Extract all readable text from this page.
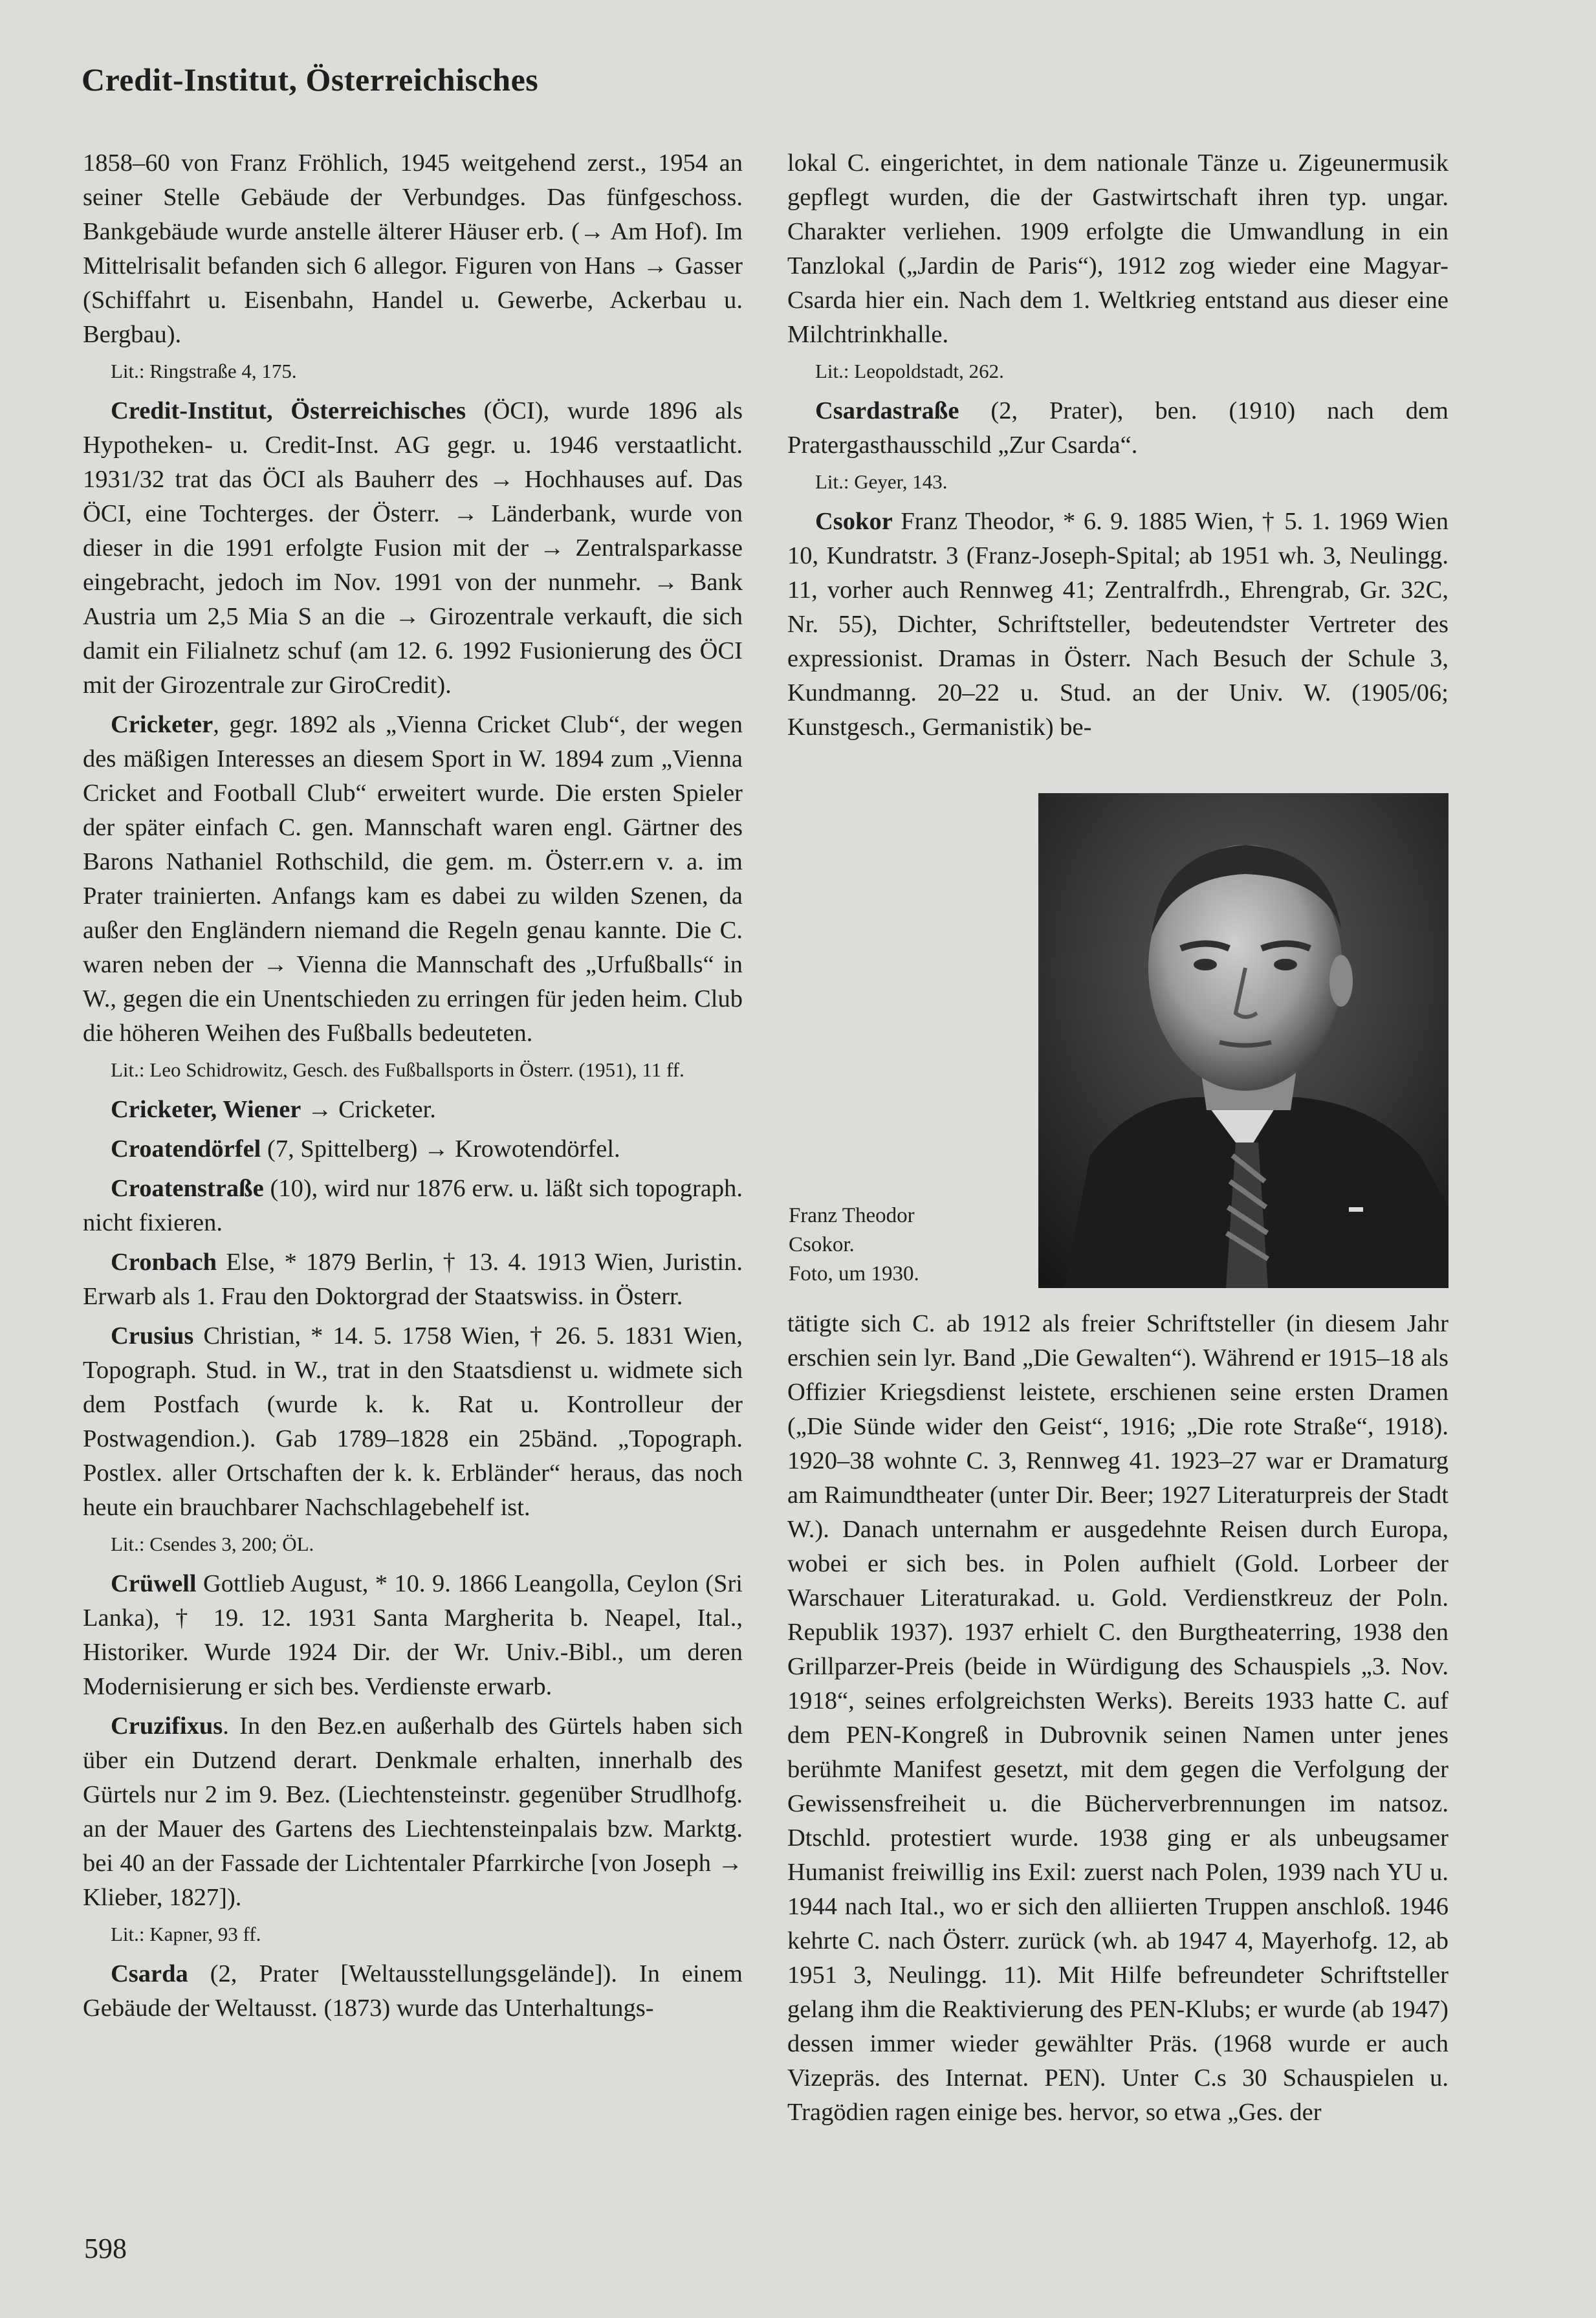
Credit-Institut, Österreichisches

1858–60 von Franz Fröhlich, 1945 weitgehend zerst., 1954 an seiner Stelle Gebäude der Verbundges. Das fünfgeschoss. Bankgebäude wurde anstelle älterer Häuser erb. (→ Am Hof). Im Mittelrisalit befanden sich 6 allegor. Figuren von Hans → Gasser (Schiffahrt u. Eisenbahn, Handel u. Gewerbe, Ackerbau u. Bergbau).

Lit.: Ringstraße 4, 175.

Credit-Institut, Österreichisches (ÖCI), wurde 1896 als Hypotheken- u. Credit-Inst. AG gegr. u. 1946 verstaatlicht. 1931/32 trat das ÖCI als Bauherr des → Hochhauses auf. Das ÖCI, eine Tochterges. der Österr. → Länderbank, wurde von dieser in die 1991 erfolgte Fusion mit der → Zentralsparkasse eingebracht, jedoch im Nov. 1991 von der nunmehr. → Bank Austria um 2,5 Mia S an die → Girozentrale verkauft, die sich damit ein Filialnetz schuf (am 12. 6. 1992 Fusionierung des ÖCI mit der Girozentrale zur GiroCredit).

Cricketer, gegr. 1892 als „Vienna Cricket Club“, der wegen des mäßigen Interesses an diesem Sport in W. 1894 zum „Vienna Cricket and Football Club“ erweitert wurde. Die ersten Spieler der später einfach C. gen. Mannschaft waren engl. Gärtner des Barons Nathaniel Rothschild, die gem. m. Österr.ern v. a. im Prater trainierten. Anfangs kam es dabei zu wilden Szenen, da außer den Engländern niemand die Regeln genau kannte. Die C. waren neben der → Vienna die Mannschaft des „Urfußballs“ in W., gegen die ein Unentschieden zu erringen für jeden heim. Club die höheren Weihen des Fußballs bedeuteten.

Lit.: Leo Schidrowitz, Gesch. des Fußballsports in Österr. (1951), 11 ff.

Cricketer, Wiener → Cricketer.

Croatendörfel (7, Spittelberg) → Krowotendörfel.

Croatenstraße (10), wird nur 1876 erw. u. läßt sich topograph. nicht fixieren.

Cronbach Else, * 1879 Berlin, † 13. 4. 1913 Wien, Juristin. Erwarb als 1. Frau den Doktorgrad der Staatswiss. in Österr.

Crusius Christian, * 14. 5. 1758 Wien, † 26. 5. 1831 Wien, Topograph. Stud. in W., trat in den Staatsdienst u. widmete sich dem Postfach (wurde k. k. Rat u. Kontrolleur der Postwagendion.). Gab 1789–1828 ein 25bänd. „Topograph. Postlex. aller Ortschaften der k. k. Erbländer“ heraus, das noch heute ein brauchbarer Nachschlagebehelf ist.

Lit.: Csendes 3, 200; ÖL.

Crüwell Gottlieb August, * 10. 9. 1866 Leangolla, Ceylon (Sri Lanka), † 19. 12. 1931 Santa Margherita b. Neapel, Ital., Historiker. Wurde 1924 Dir. der Wr. Univ.-Bibl., um deren Modernisierung er sich bes. Verdienste erwarb.

Cruzifixus. In den Bez.en außerhalb des Gürtels haben sich über ein Dutzend derart. Denkmale erhalten, innerhalb des Gürtels nur 2 im 9. Bez. (Liechtensteinstr. gegenüber Strudlhofg. an der Mauer des Gartens des Liechtensteinpalais bzw. Marktg. bei 40 an der Fassade der Lichtentaler Pfarrkirche [von Joseph → Klieber, 1827]).

Lit.: Kapner, 93 ff.

Csarda (2, Prater [Weltausstellungsgelände]). In einem Gebäude der Weltausst. (1873) wurde das Unterhaltungs-

lokal C. eingerichtet, in dem nationale Tänze u. Zigeunermusik gepflegt wurden, die der Gastwirtschaft ihren typ. ungar. Charakter verliehen. 1909 erfolgte die Umwandlung in ein Tanzlokal („Jardin de Paris“), 1912 zog wieder eine Magyar-Csarda hier ein. Nach dem 1. Weltkrieg entstand aus dieser eine Milchtrinkhalle.

Lit.: Leopoldstadt, 262.

Csardastraße (2, Prater), ben. (1910) nach dem Pratergasthausschild „Zur Csarda“.

Lit.: Geyer, 143.

Csokor Franz Theodor, * 6. 9. 1885 Wien, † 5. 1. 1969 Wien 10, Kundratstr. 3 (Franz-Joseph-Spital; ab 1951 wh. 3, Neulingg. 11, vorher auch Rennweg 41; Zentralfrdh., Ehrengrab, Gr. 32C, Nr. 55), Dichter, Schriftsteller, bedeutendster Vertreter des expressionist. Dramas in Österr. Nach Besuch der Schule 3, Kundmanng. 20–22 u. Stud. an der Univ. W. (1905/06; Kunstgesch., Germanistik) be-

Franz Theodor
Csokor.
Foto, um 1930.

tätigte sich C. ab 1912 als freier Schriftsteller (in diesem Jahr erschien sein lyr. Band „Die Gewalten“). Während er 1915–18 als Offizier Kriegsdienst leistete, erschienen seine ersten Dramen („Die Sünde wider den Geist“, 1916; „Die rote Straße“, 1918). 1920–38 wohnte C. 3, Rennweg 41. 1923–27 war er Dramaturg am Raimundtheater (unter Dir. Beer; 1927 Literaturpreis der Stadt W.). Danach unternahm er ausgedehnte Reisen durch Europa, wobei er sich bes. in Polen aufhielt (Gold. Lorbeer der Warschauer Literaturakad. u. Gold. Verdienstkreuz der Poln. Republik 1937). 1937 erhielt C. den Burgtheaterring, 1938 den Grillparzer-Preis (beide in Würdigung des Schauspiels „3. Nov. 1918“, seines erfolgreichsten Werks). Bereits 1933 hatte C. auf dem PEN-Kongreß in Dubrovnik seinen Namen unter jenes berühmte Manifest gesetzt, mit dem gegen die Verfolgung der Gewissensfreiheit u. die Bücherverbrennungen im natsoz. Dtschld. protestiert wurde. 1938 ging er als unbeugsamer Humanist freiwillig ins Exil: zuerst nach Polen, 1939 nach YU u. 1944 nach Ital., wo er sich den alliierten Truppen anschloß. 1946 kehrte C. nach Österr. zurück (wh. ab 1947 4, Mayerhofg. 12, ab 1951 3, Neulingg. 11). Mit Hilfe befreundeter Schriftsteller gelang ihm die Reaktivierung des PEN-Klubs; er wurde (ab 1947) dessen immer wieder gewählter Präs. (1968 wurde er auch Vizepräs. des Internat. PEN). Unter C.s 30 Schauspielen u. Tragödien ragen einige bes. hervor, so etwa „Ges. der

598
